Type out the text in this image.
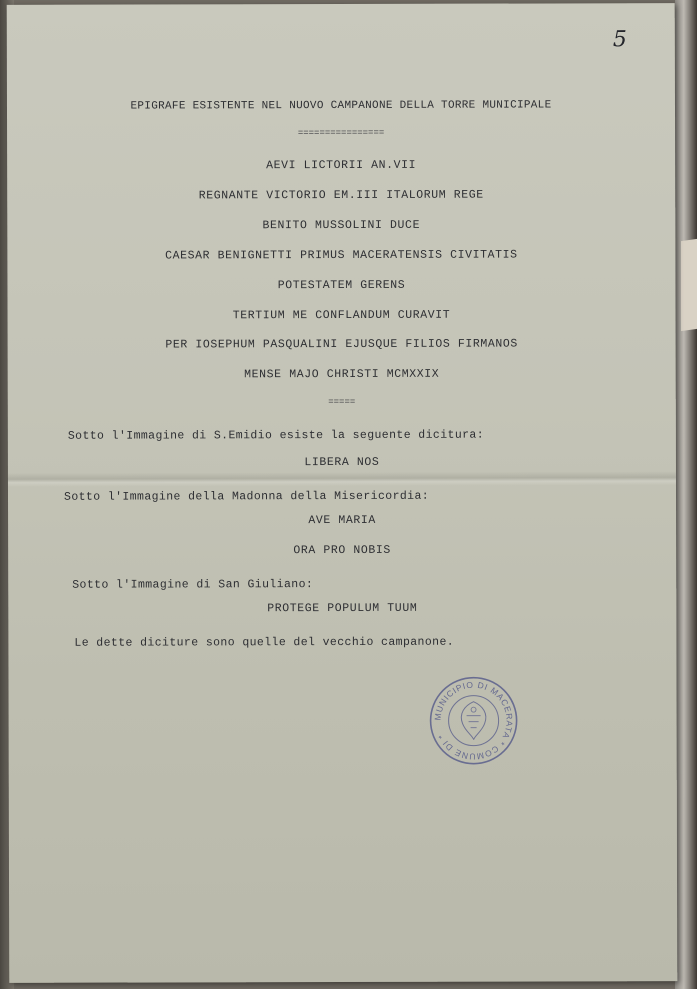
5
EPIGRAFE ESISTENTE NEL NUOVO CAMPANONE DELLA TORRE MUNICIPALE
================
AEVI LICTORII AN.VII
REGNANTE VICTORIO EM.III ITALORUM REGE
BENITO MUSSOLINI DUCE
CAESAR BENIGNETTI PRIMUS MACERATENSIS CIVITATIS
POTESTATEM GERENS
TERTIUM ME CONFLANDUM CURAVIT
PER IOSEPHUM PASQUALINI EJUSQUE FILIOS FIRMANOS
MENSE MAJO CHRISTI MCMXXIX
=====
Sotto l'Immagine di S.Emidio esiste la seguente dicitura:
LIBERA NOS
Sotto l'Immagine della Madonna della Misericordia:
AVE MARIA
ORA PRO NOBIS
Sotto l'Immagine di San Giuliano:
PROTEGE POPULUM TUUM
Le dette diciture sono quelle del vecchio campanone.
MUNICIPIO DI MACERATA * COMUNE DI *
